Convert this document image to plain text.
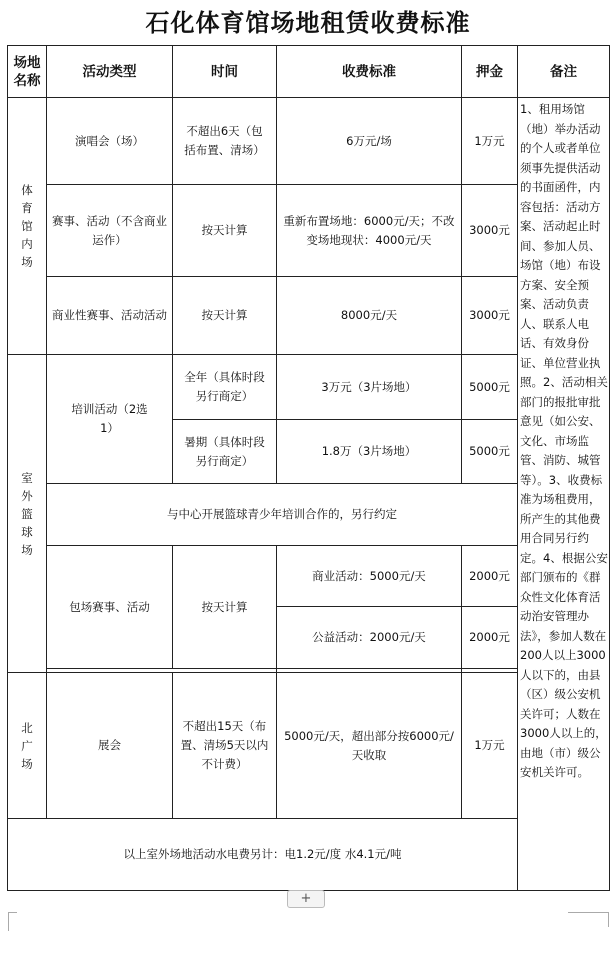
石化体育馆场地租赁收费标准
场地名称	活动类型	时间	收费标准	押金	备注

体育馆内场	演唱会（场）	不超出6天（包括布置、清场）	6万元/场	1万元	1、租用场馆（地）举办活动的个人或者单位须事先提供活动的书面函件，内容包括：活动方案、活动起止时间、参加人员、场馆（地）布设方案、安全预案、活动负责人、联系人电话、有效身份证、单位营业执照。2、活动相关部门的报批审批意见（如公安、文化、市场监管、消防、城管等）。3、收费标准为场租费用，所产生的其他费用合同另行约定。4、根据公安部门颁布的《群众性文化体育活动治安管理办法》，参加人数在200人以上3000人以下的，由县（区）级公安机关许可；人数在3000人以上的，由地（市）级公安机关许可。
	赛事、活动（不含商业运作）	按天计算	重新布置场地：6000元/天；不改变场地现状：4000元/天	3000元	
	商业性赛事、活动活动	按天计算	8000元/天	3000元	

室外篮球场	培训活动（2选1）	全年（具体时段另行商定）	3万元（3片场地）	5000元	
		暑期（具体时段另行商定）	1.8万（3片场地）	5000元	
	与中心开展篮球青少年培训合作的，另行约定				
	包场赛事、活动	按天计算	商业活动：5000元/天	2000元	
			公益活动：2000元/天	2000元	

北广场	展会	不超出15天（布置、清场5天以内不计费）	5000元/天，超出部分按6000元/天收取	1万元	
以上室外场地活动水电费另计：电1.2元/度 水4.1元/吨					
+
